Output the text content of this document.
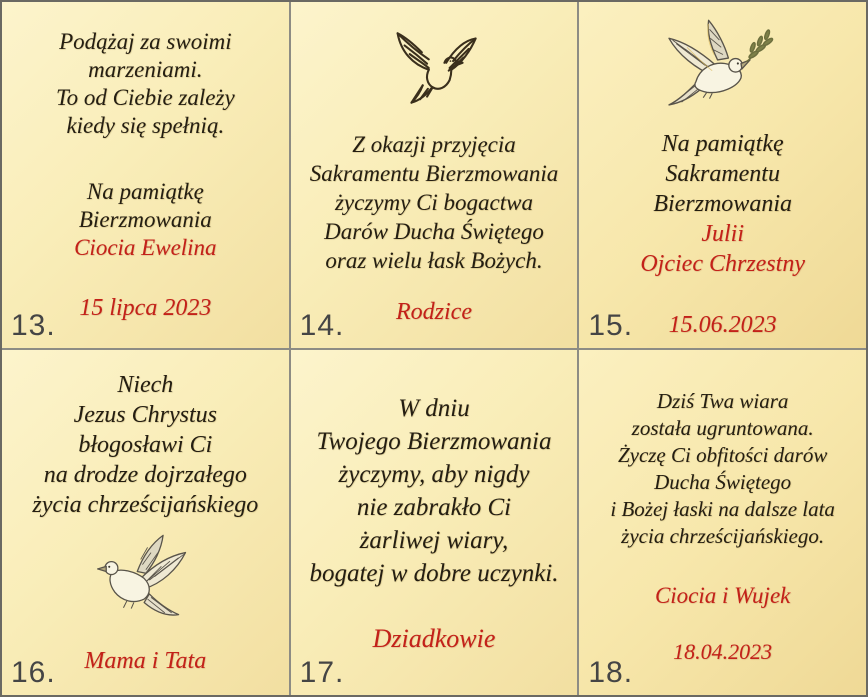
Podążaj za swoimi
marzeniami.
To od Ciebie zależy
kiedy się spełnią.
Na pamiątkę
Bierzmowania
Ciocia Ewelina
15 lipca 2023
13.
Z okazji przyjęcia
Sakramentu Bierzmowania
życzymy Ci bogactwa
Darów Ducha Świętego
oraz wielu łask Bożych.
Rodzice
14.
Na pamiątkę
Sakramentu
Bierzmowania
Julii
Ojciec Chrzestny
15.06.2023
15.
Niech
Jezus Chrystus
błogosławi Ci
na drodze dojrzałego
życia chrześcijańskiego
Mama i Tata
16.
W dniu
Twojego Bierzmowania
życzymy, aby nigdy
nie zabrakło Ci
żarliwej wiary,
bogatej w dobre uczynki.
Dziadkowie
17.
Dziś Twa wiara
została ugruntowana.
Życzę Ci obfitości darów
Ducha Świętego
i Bożej łaski na dalsze lata
życia chrześcijańskiego.
Ciocia i Wujek
18.04.2023
18.
